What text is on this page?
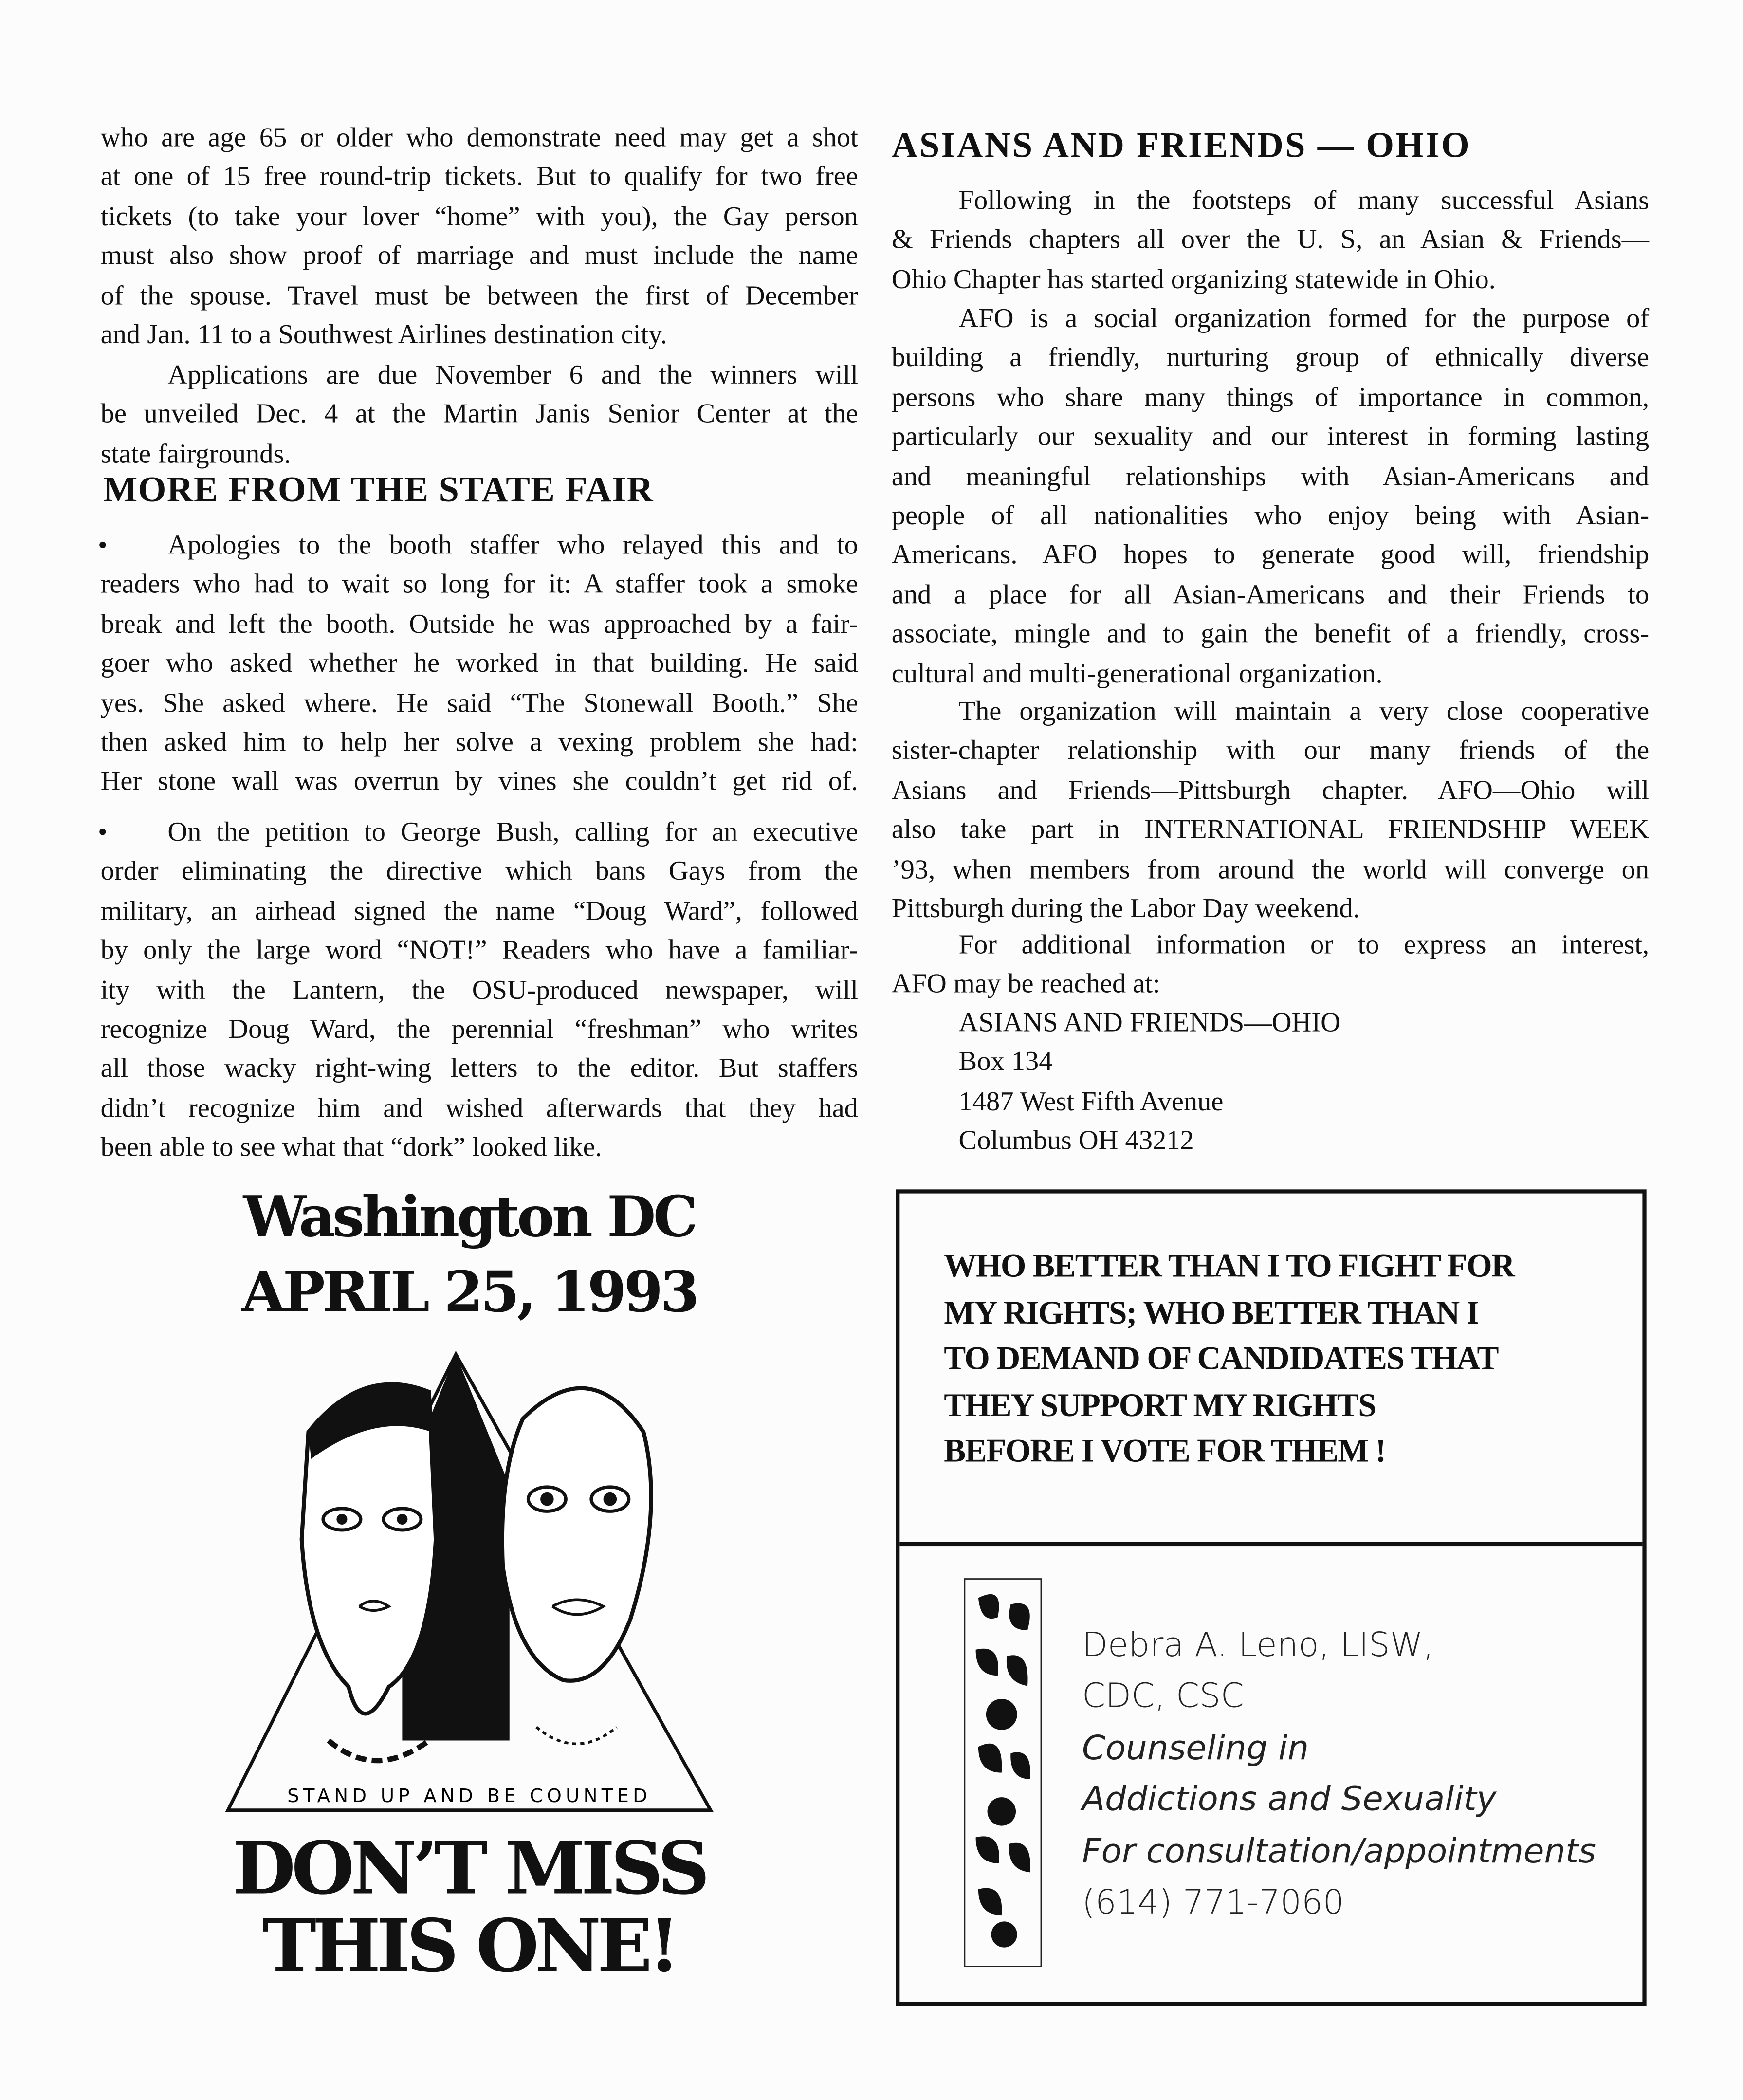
who are age 65 or older who demonstrate need may get a shot
at one of 15 free round-trip tickets. But to qualify for two free
tickets (to take your lover “home” with you), the Gay person
must also show proof of marriage and must include the name
of the spouse. Travel must be between the first of December
and Jan. 11 to a Southwest Airlines destination city.
Applications are due November 6 and the winners will
be unveiled Dec. 4 at the Martin Janis Senior Center at the
state fairgrounds.
MORE FROM THE STATE FAIR
•	Apologies to the booth staffer who relayed this and to
readers who had to wait so long for it: A staffer took a smoke
break and left the booth. Outside he was approached by a fair-
goer who asked whether he worked in that building. He said
yes. She asked where. He said “The Stonewall Booth.” She
then asked him to help her solve a vexing problem she had:
Her stone wall was overrun by vines she couldn’t get rid of.
•	On the petition to George Bush, calling for an executive
order eliminating the directive which bans Gays from the
military, an airhead signed the name “Doug Ward”, followed
by only the large word “NOT!” Readers who have a familiar-
ity with the Lantern, the OSU-produced newspaper, will
recognize Doug Ward, the perennial “freshman” who writes
all those wacky right-wing letters to the editor. But staffers
didn’t recognize him and wished afterwards that they had
been able to see what that “dork” looked like.
ASIANS AND FRIENDS — OHIO
Following in the footsteps of many successful Asians
& Friends chapters all over the U. S, an Asian & Friends—
Ohio Chapter has started organizing statewide in Ohio.
AFO is a social organization formed for the purpose of
building a friendly, nurturing group of ethnically diverse
persons who share many things of importance in common,
particularly our sexuality and our interest in forming lasting
and meaningful relationships with Asian-Americans and
people of all nationalities who enjoy being with Asian-
Americans. AFO hopes to generate good will, friendship
and a place for all Asian-Americans and their Friends to
associate, mingle and to gain the benefit of a friendly, cross-
cultural and multi-generational organization.
The organization will maintain a very close cooperative
sister-chapter relationship with our many friends of the
Asians and Friends—Pittsburgh chapter. AFO—Ohio will
also take part in INTERNATIONAL FRIENDSHIP WEEK
’93, when members from around the world will converge on
Pittsburgh during the Labor Day weekend.
For additional information or to express an interest,
AFO may be reached at:
ASIANS AND FRIENDS—OHIO
Box 134
1487 West Fifth Avenue
Columbus OH 43212
Washington DC
APRIL 25, 1993
STAND UP AND BE COUNTED
DON’T MISS
THIS ONE!
WHO BETTER THAN I TO FIGHT FOR
MY RIGHTS; WHO BETTER THAN I
TO DEMAND OF CANDIDATES THAT
THEY SUPPORT MY RIGHTS
BEFORE I VOTE FOR THEM !
Debra A. Leno, LISW,
CDC, CSC
Counseling in
Addictions and Sexuality
For consultation/appointments
(614) 771-7060
